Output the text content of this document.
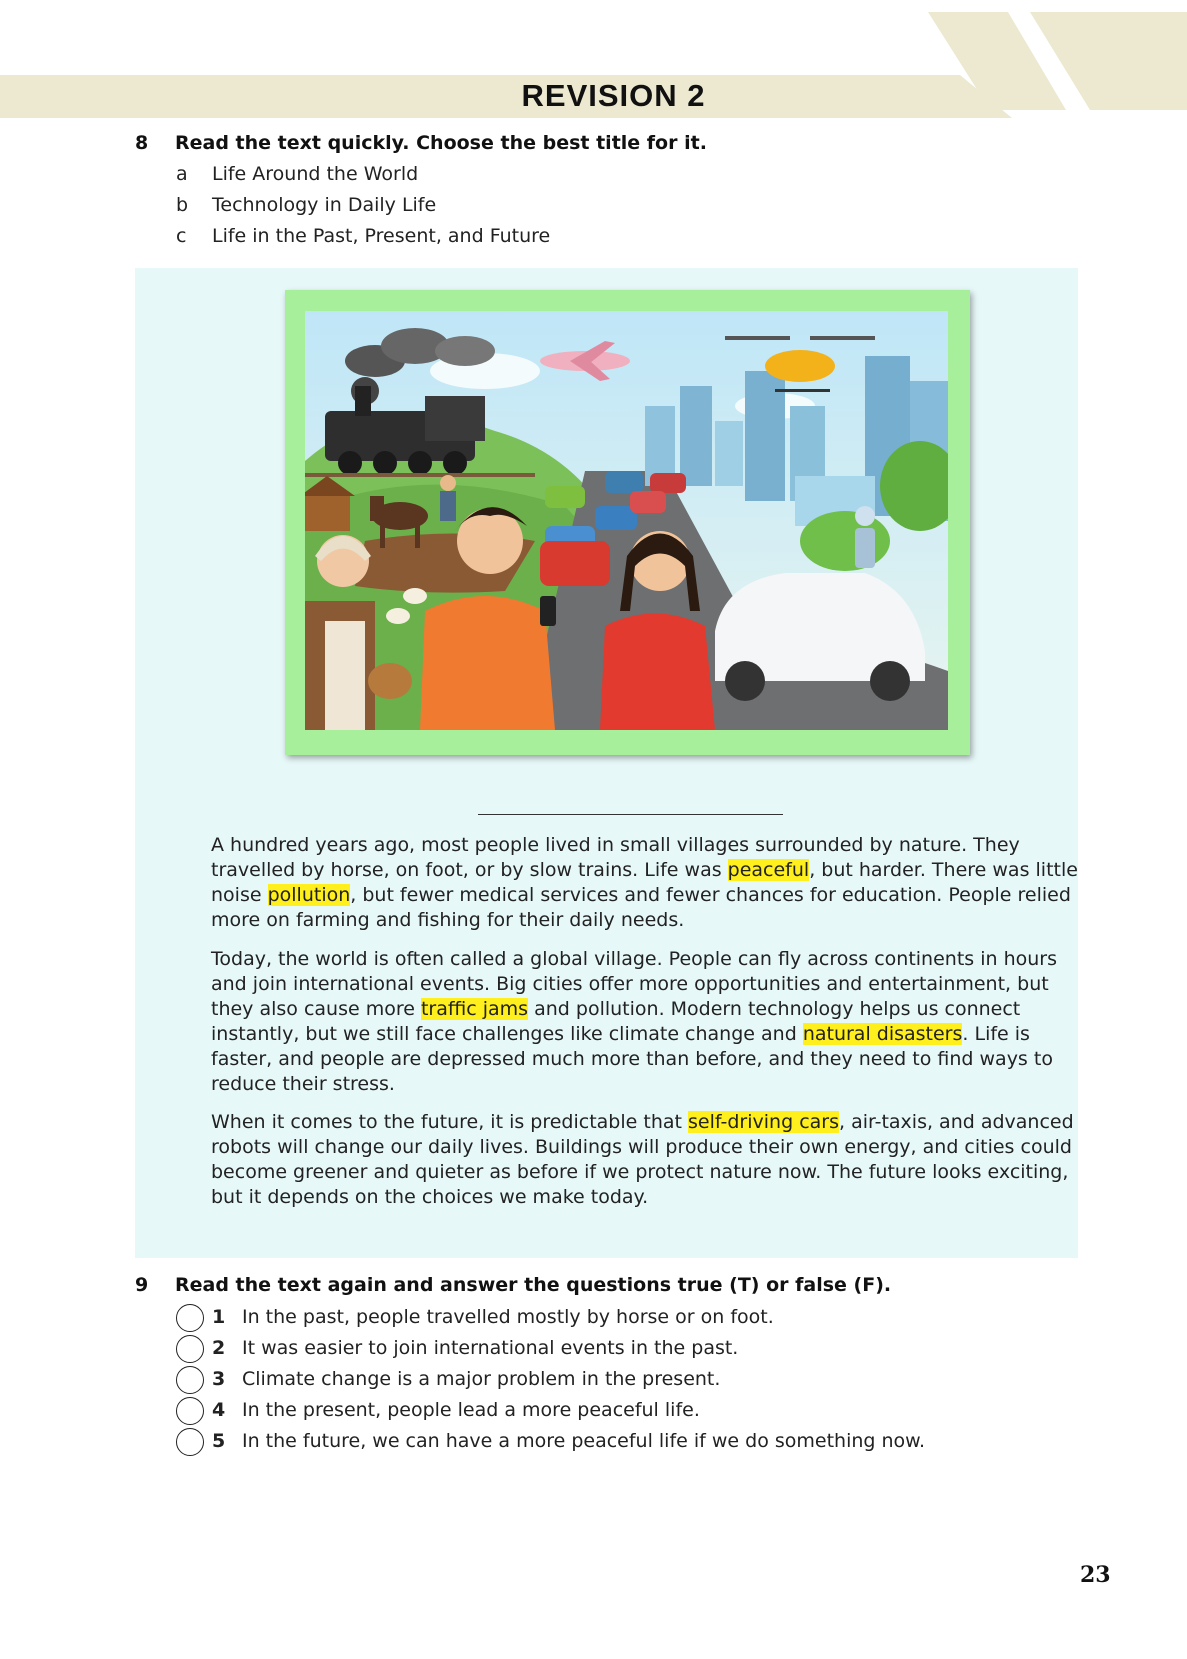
REVISION 2
8 Read the text quickly. Choose the best title for it.
a Life Around the World
b Technology in Daily Life
c Life in the Past, Present, and Future

A hundred years ago, most people lived in small villages surrounded by nature. They travelled by horse, on foot, or by slow trains. Life was peaceful, but harder. There was little noise pollution, but fewer medical services and fewer chances for education. People relied more on farming and fishing for their daily needs.

Today, the world is often called a global village. People can fly across continents in hours and join international events. Big cities offer more opportunities and entertainment, but they also cause more traffic jams and pollution. Modern technology helps us connect instantly, but we still face challenges like climate change and natural disasters. Life is faster, and people are depressed much more than before, and they need to find ways to reduce their stress.

When it comes to the future, it is predictable that self-driving cars, air-taxis, and advanced robots will change our daily lives. Buildings will produce their own energy, and cities could become greener and quieter as before if we protect nature now. The future looks exciting, but it depends on the choices we make today.

9 Read the text again and answer the questions true (T) or false (F).
1 In the past, people travelled mostly by horse or on foot.
2 It was easier to join international events in the past.
3 Climate change is a major problem in the present.
4 In the present, people lead a more peaceful life.
5 In the future, we can have a more peaceful life if we do something now.
23
